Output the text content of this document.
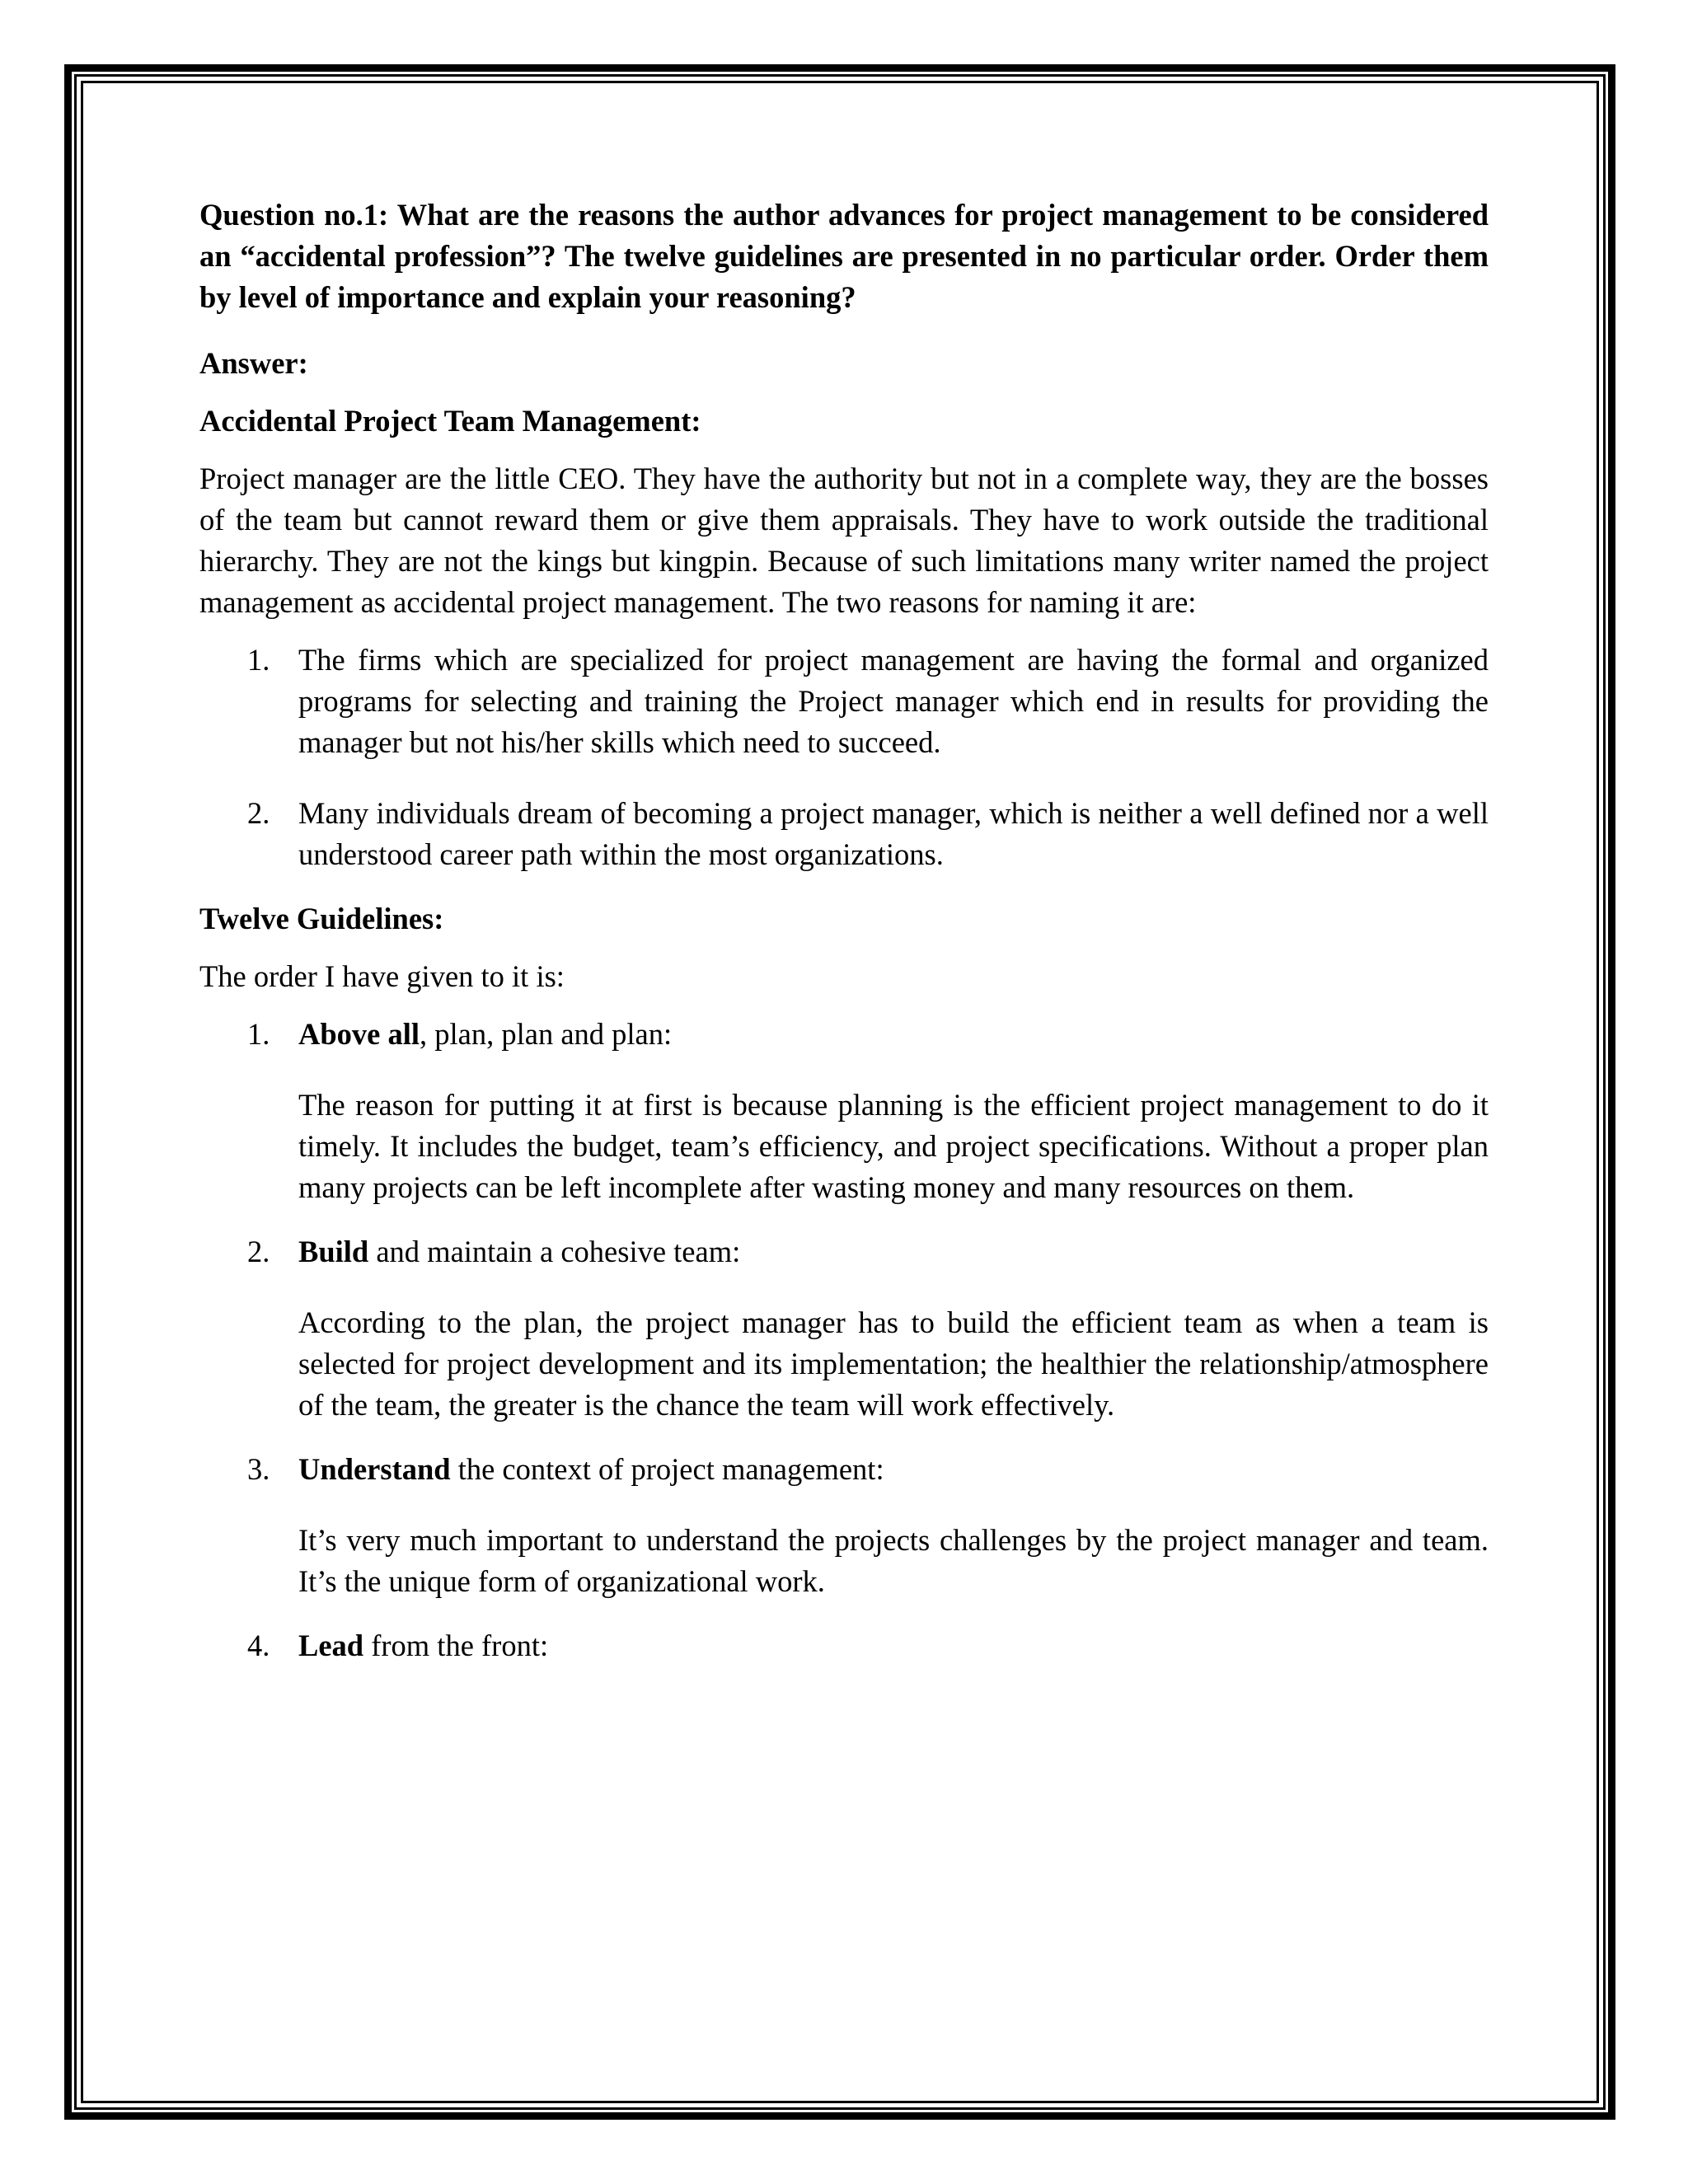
Question no.1: What are the reasons the author advances for project management to be considered an “accidental profession”? The twelve guidelines are presented in no particular order. Order them by level of importance and explain your reasoning?

Answer:

Accidental Project Team Management:

Project manager are the little CEO. They have the authority but not in a complete way, they are the bosses of the team but cannot reward them or give them appraisals. They have to work outside the traditional hierarchy. They are not the kings but kingpin. Because of such limitations many writer named the project management as accidental project management. The two reasons for naming it are:

1. The firms which are specialized for project management are having the formal and organized programs for selecting and training the Project manager which end in results for providing the manager but not his/her skills which need to succeed.

2. Many individuals dream of becoming a project manager, which is neither a well defined nor a well understood career path within the most organizations.

Twelve Guidelines:

The order I have given to it is:

1. Above all, plan, plan and plan:

The reason for putting it at first is because planning is the efficient project management to do it timely. It includes the budget, team’s efficiency, and project specifications. Without a proper plan many projects can be left incomplete after wasting money and many resources on them.

2. Build and maintain a cohesive team:

According to the plan, the project manager has to build the efficient team as when a team is selected for project development and its implementation; the healthier the relationship/atmosphere of the team, the greater is the chance the team will work effectively.

3. Understand the context of project management:

It’s very much important to understand the projects challenges by the project manager and team. It’s the unique form of organizational work.

4. Lead from the front:
